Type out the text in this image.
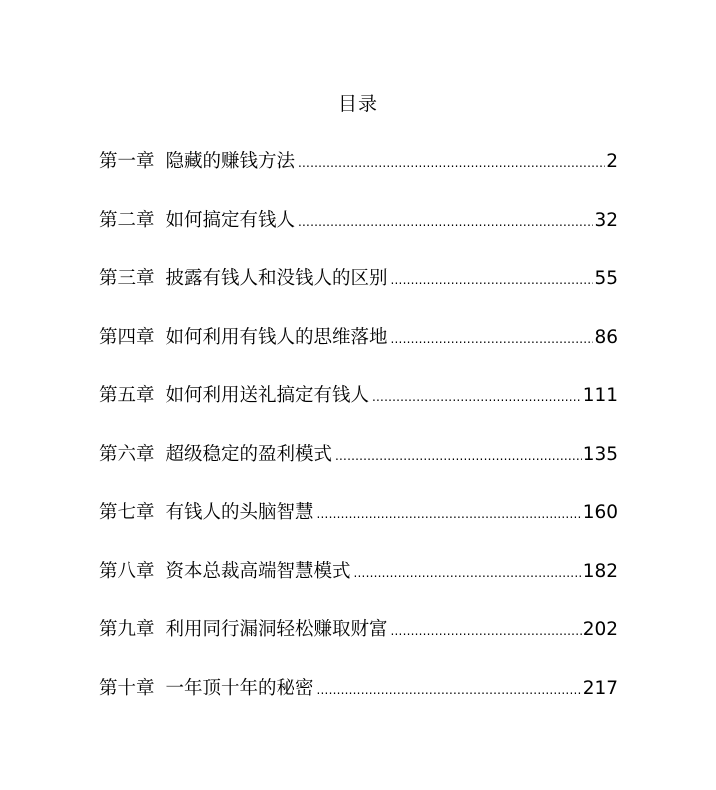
目录
第一章 隐藏的赚钱方法 .....	2
第二章 如何搞定有钱人 .....	32
第三章 披露有钱人和没钱人的区别 .....	55
第四章 如何利用有钱人的思维落地 .....	86
第五章 如何利用送礼搞定有钱人 .....	111
第六章 超级稳定的盈利模式 .....	135
第七章 有钱人的头脑智慧 .....	160
第八章 资本总裁高端智慧模式 .....	182
第九章 利用同行漏洞轻松赚取财富 .....	202
第十章 一年顶十年的秘密 .....	217
